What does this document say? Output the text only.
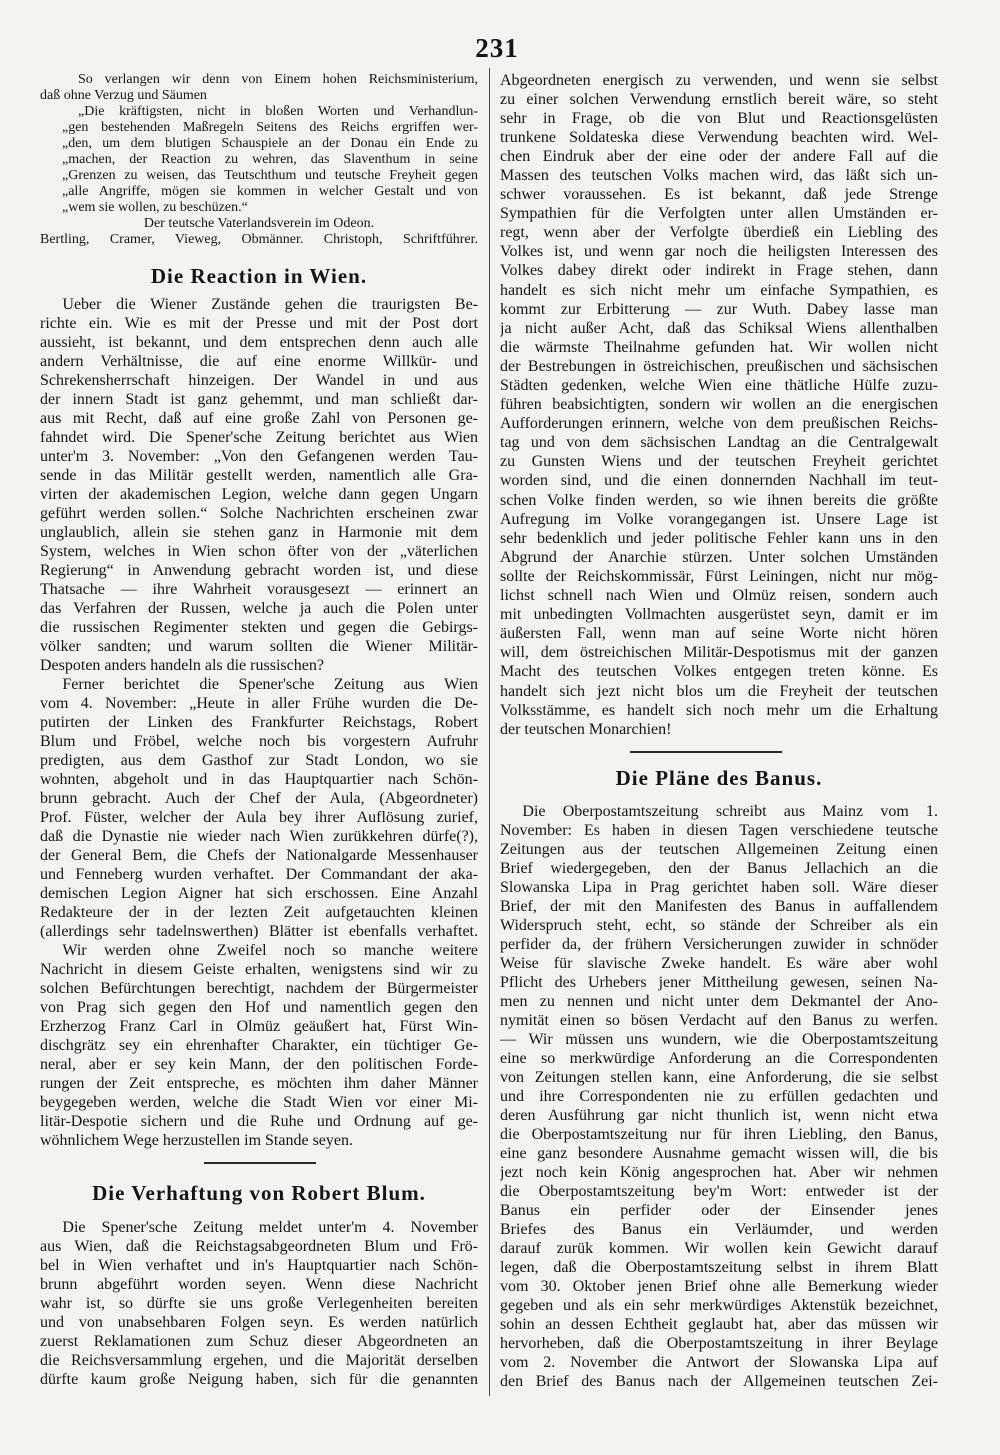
231
So verlangen wir denn von Einem hohen Reichsministerium,
daß ohne Verzug und Säumen
„Die kräftigsten, nicht in bloßen Worten und Verhandlun-
„gen bestehenden Maßregeln Seitens des Reichs ergriffen wer-
„den, um dem blutigen Schauspiele an der Donau ein Ende zu
„machen, der Reaction zu wehren, das Slaventhum in seine
„Grenzen zu weisen, das Teutschthum und teutsche Freyheit gegen
„alle Angriffe, mögen sie kommen in welcher Gestalt und von
„wem sie wollen, zu beschüzen.“
Der teutsche Vaterlandsverein im Odeon.
Bertling, Cramer, Vieweg, Obmänner. Christoph, Schriftführer.
Die Reaction in Wien.
Ueber die Wiener Zustände gehen die traurigsten Be-
richte ein. Wie es mit der Presse und mit der Post dort
aussieht, ist bekannt, und dem entsprechen denn auch alle
andern Verhältnisse, die auf eine enorme Willkür- und
Schrekensherrschaft hinzeigen. Der Wandel in und aus
der innern Stadt ist ganz gehemmt, und man schließt dar-
aus mit Recht, daß auf eine große Zahl von Personen ge-
fahndet wird. Die Spener'sche Zeitung berichtet aus Wien
unter'm 3. November: „Von den Gefangenen werden Tau-
sende in das Militär gestellt werden, namentlich alle Gra-
virten der akademischen Legion, welche dann gegen Ungarn
geführt werden sollen.“ Solche Nachrichten erscheinen zwar
unglaublich, allein sie stehen ganz in Harmonie mit dem
System, welches in Wien schon öfter von der „väterlichen
Regierung“ in Anwendung gebracht worden ist, und diese
Thatsache — ihre Wahrheit vorausgesezt — erinnert an
das Verfahren der Russen, welche ja auch die Polen unter
die russischen Regimenter stekten und gegen die Gebirgs-
völker sandten; und warum sollten die Wiener Militär-
Despoten anders handeln als die russischen?
Ferner berichtet die Spener'sche Zeitung aus Wien
vom 4. November: „Heute in aller Frühe wurden die De-
putirten der Linken des Frankfurter Reichstags, Robert
Blum und Fröbel, welche noch bis vorgestern Aufruhr
predigten, aus dem Gasthof zur Stadt London, wo sie
wohnten, abgeholt und in das Hauptquartier nach Schön-
brunn gebracht. Auch der Chef der Aula, (Abgeordneter)
Prof. Füster, welcher der Aula bey ihrer Auflösung zurief,
daß die Dynastie nie wieder nach Wien zurükkehren dürfe(?),
der General Bem, die Chefs der Nationalgarde Messenhauser
und Fenneberg wurden verhaftet. Der Commandant der aka-
demischen Legion Aigner hat sich erschossen. Eine Anzahl
Redakteure der in der lezten Zeit aufgetauchten kleinen
(allerdings sehr tadelnswerthen) Blätter ist ebenfalls verhaftet.
Wir werden ohne Zweifel noch so manche weitere
Nachricht in diesem Geiste erhalten, wenigstens sind wir zu
solchen Befürchtungen berechtigt, nachdem der Bürgermeister
von Prag sich gegen den Hof und namentlich gegen den
Erzherzog Franz Carl in Olmüz geäußert hat, Fürst Win-
dischgrätz sey ein ehrenhafter Charakter, ein tüchtiger Ge-
neral, aber er sey kein Mann, der den politischen Forde-
rungen der Zeit entspreche, es möchten ihm daher Männer
beygegeben werden, welche die Stadt Wien vor einer Mi-
litär-Despotie sichern und die Ruhe und Ordnung auf ge-
wöhnlichem Wege herzustellen im Stande seyen.
Die Verhaftung von Robert Blum.
Die Spener'sche Zeitung meldet unter'm 4. November
aus Wien, daß die Reichstagsabgeordneten Blum und Frö-
bel in Wien verhaftet und in's Hauptquartier nach Schön-
brunn abgeführt worden seyen. Wenn diese Nachricht
wahr ist, so dürfte sie uns große Verlegenheiten bereiten
und von unabsehbaren Folgen seyn. Es werden natürlich
zuerst Reklamationen zum Schuz dieser Abgeordneten an
die Reichsversammlung ergehen, und die Majorität derselben
dürfte kaum große Neigung haben, sich für die genannten
Abgeordneten energisch zu verwenden, und wenn sie selbst
zu einer solchen Verwendung ernstlich bereit wäre, so steht
sehr in Frage, ob die von Blut und Reactionsgelüsten
trunkene Soldateska diese Verwendung beachten wird. Wel-
chen Eindruk aber der eine oder der andere Fall auf die
Massen des teutschen Volks machen wird, das läßt sich un-
schwer voraussehen. Es ist bekannt, daß jede Strenge
Sympathien für die Verfolgten unter allen Umständen er-
regt, wenn aber der Verfolgte überdieß ein Liebling des
Volkes ist, und wenn gar noch die heiligsten Interessen des
Volkes dabey direkt oder indirekt in Frage stehen, dann
handelt es sich nicht mehr um einfache Sympathien, es
kommt zur Erbitterung — zur Wuth. Dabey lasse man
ja nicht außer Acht, daß das Schiksal Wiens allenthalben
die wärmste Theilnahme gefunden hat. Wir wollen nicht
der Bestrebungen in östreichischen, preußischen und sächsischen
Städten gedenken, welche Wien eine thätliche Hülfe zuzu-
führen beabsichtigten, sondern wir wollen an die energischen
Aufforderungen erinnern, welche von dem preußischen Reichs-
tag und von dem sächsischen Landtag an die Centralgewalt
zu Gunsten Wiens und der teutschen Freyheit gerichtet
worden sind, und die einen donnernden Nachhall im teut-
schen Volke finden werden, so wie ihnen bereits die größte
Aufregung im Volke vorangegangen ist. Unsere Lage ist
sehr bedenklich und jeder politische Fehler kann uns in den
Abgrund der Anarchie stürzen. Unter solchen Umständen
sollte der Reichskommissär, Fürst Leiningen, nicht nur mög-
lichst schnell nach Wien und Olmüz reisen, sondern auch
mit unbedingten Vollmachten ausgerüstet seyn, damit er im
äußersten Fall, wenn man auf seine Worte nicht hören
will, dem östreichischen Militär-Despotismus mit der ganzen
Macht des teutschen Volkes entgegen treten könne. Es
handelt sich jezt nicht blos um die Freyheit der teutschen
Volksstämme, es handelt sich noch mehr um die Erhaltung
der teutschen Monarchien!
Die Pläne des Banus.
Die Oberpostamtszeitung schreibt aus Mainz vom 1.
November: Es haben in diesen Tagen verschiedene teutsche
Zeitungen aus der teutschen Allgemeinen Zeitung einen
Brief wiedergegeben, den der Banus Jellachich an die
Slowanska Lipa in Prag gerichtet haben soll. Wäre dieser
Brief, der mit den Manifesten des Banus in auffallendem
Widerspruch steht, echt, so stände der Schreiber als ein
perfider da, der frühern Versicherungen zuwider in schnöder
Weise für slavische Zweke handelt. Es wäre aber wohl
Pflicht des Urhebers jener Mittheilung gewesen, seinen Na-
men zu nennen und nicht unter dem Dekmantel der Ano-
nymität einen so bösen Verdacht auf den Banus zu werfen.
— Wir müssen uns wundern, wie die Oberpostamtszeitung
eine so merkwürdige Anforderung an die Correspondenten
von Zeitungen stellen kann, eine Anforderung, die sie selbst
und ihre Correspondenten nie zu erfüllen gedachten und
deren Ausführung gar nicht thunlich ist, wenn nicht etwa
die Oberpostamtszeitung nur für ihren Liebling, den Banus,
eine ganz besondere Ausnahme gemacht wissen will, die bis
jezt noch kein König angesprochen hat. Aber wir nehmen
die Oberpostamtszeitung bey'm Wort: entweder ist der
Banus ein perfider oder der Einsender jenes
Briefes des Banus ein Verläumder, und werden
darauf zurük kommen. Wir wollen kein Gewicht darauf
legen, daß die Oberpostamtszeitung selbst in ihrem Blatt
vom 30. Oktober jenen Brief ohne alle Bemerkung wieder
gegeben und als ein sehr merkwürdiges Aktenstük bezeichnet,
sohin an dessen Echtheit geglaubt hat, aber das müssen wir
hervorheben, daß die Oberpostamtszeitung in ihrer Beylage
vom 2. November die Antwort der Slowanska Lipa auf
den Brief des Banus nach der Allgemeinen teutschen Zei-
